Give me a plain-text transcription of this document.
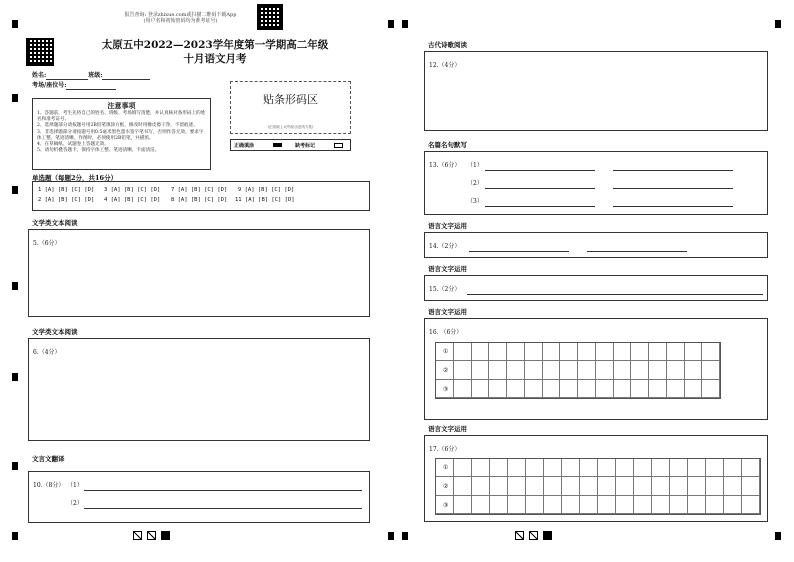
报告查询: 登录zhixue.com或扫描二维码下载App
(用户名和初始密码均为准考证号)
太原五中2022—2023学年度第一学期高二年级
十月语文月考
姓名:	班级:
考场/座位号:
贴条形码区
(正面朝上,切勿贴出虚线方框)
正确填涂	缺考标记
注意事项
1、答题前，考生先将自己的姓名、班级、考场填写清楚，并认真核对条形码上的姓名和准考证号。
2、选择题部分请按题号用2B铅笔填涂方框，修改时用橡皮擦干净，不留痕迹。
3、非选择题部分请按题号用0.5毫米黑色墨水签字笔书写，否则作答无效。要求字体工整、笔迹清晰。作图时，必须使用2B铅笔，并描浓。
4、在草稿纸、试题卷上答题无效。
5、请勿折叠答题卡，保持字体工整、笔迹清晰、卡面清洁。
单选题（每题2分，共16分）
1 [A] [B] [C] [D] 3 [A] [B] [C] [D] 7 [A] [B] [C] [D] 9 [A] [B] [C] [D]
2 [A] [B] [C] [D] 4 [A] [B] [C] [D] 8 [A] [B] [C] [D] 11 [A] [B] [C] [D]
文学类文本阅读
5.（6分）
文学类文本阅读
6.（4分）
文言文翻译
10.（8分） （1）
（2）
古代诗歌阅读
12.（4分）
名篇名句默写
13.（6分） （1）
（2）
（3）
语言文字运用
14.（2分）
语言文字运用
15.（2分）
语言文字运用
16. （6分）
①
②
③
语言文字运用
17.（6分）
①
②
③
